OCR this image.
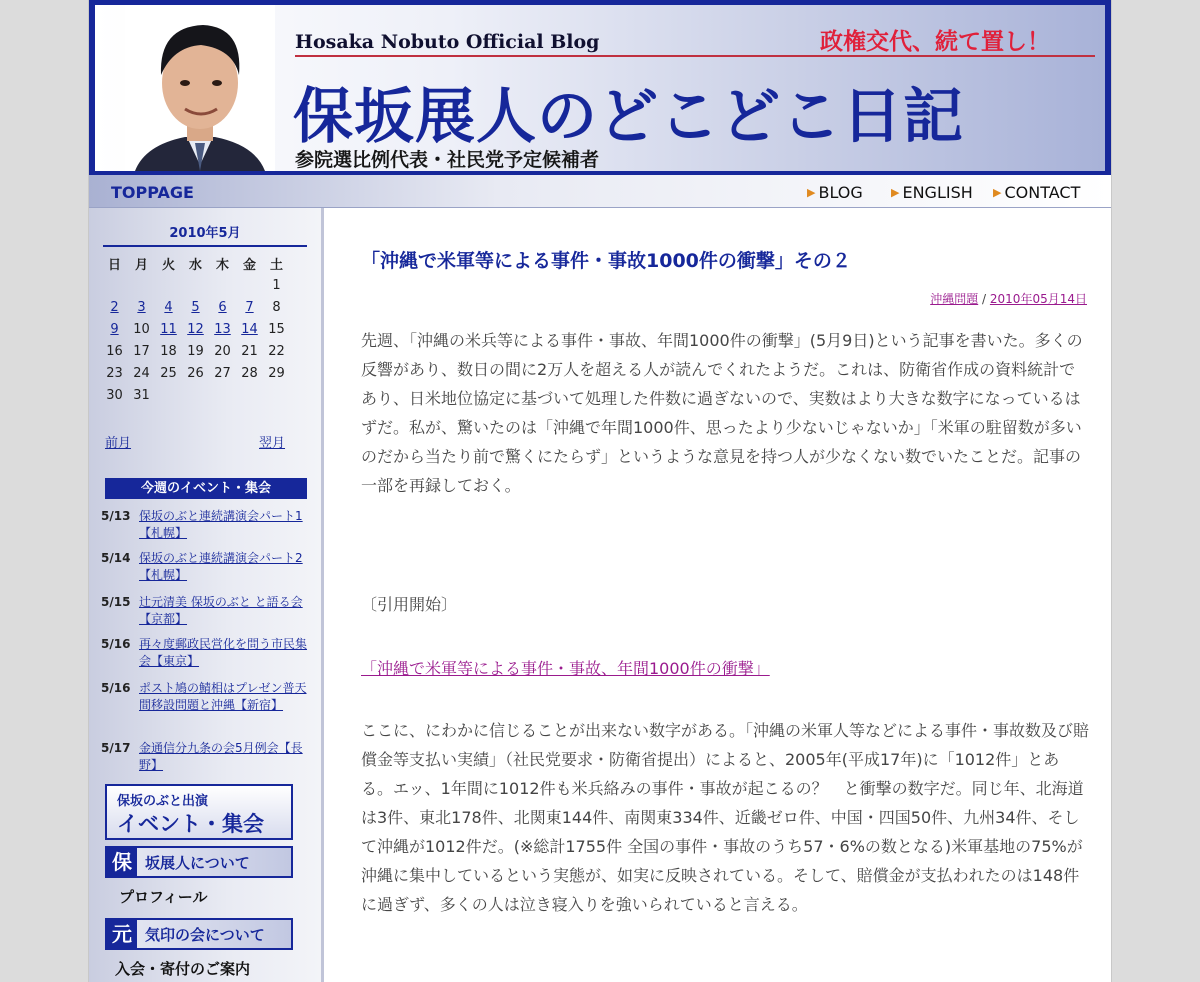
Hosaka Nobuto Official Blog	政権交代、続て置し！
保坂展人のどこどこ日記
参院選比例代表・社民党予定候補者
TOPPAGE	▶ BLOG	▶ ENGLISH ▶ CONTACT
2010年5月
日	月	火	水	木	金	土
						1
2	3	4	5	6	7	8
9	10	11	12	13	14	15
16	17	18	19	20	21	22
23	24	25	26	27	28	29
30	31					
前月	翌月
今週のイベント・集会
5/13 保坂のぶと連続講演会パート1【札幌】
5/14 保坂のぶと連続講演会パート2【札幌】
5/15 辻元清美 保坂のぶと と語る会【京都】
5/16 再々度郵政民営化を問う市民集会【東京】
5/16 ポスト鳩の鯖相はプレゼン普天間移設問題と沖縄【新宿】
5/17 金通信分九条の会5月例会【長野】
保坂のぶと出演
イベント・集会
保 坂展人について
プロフィール
元 気印の会について
入会・寄付のご案内
「沖縄で米軍等による事件・事故1000件の衝撃」その２
沖縄問題 / 2010年05月14日
先週、「沖縄の米兵等による事件・事故、年間1000件の衝撃」(5月9日)という記事を書いた。多くの反響があり、数日の間に2万人を超える人が読んでくれたようだ。これは、防衛省作成の資料統計であり、日米地位協定に基づいて処理した件数に過ぎないので、実数はより大きな数字になっているはずだ。私が、驚いたのは「沖縄で年間1000件、思ったより少ないじゃないか」「米軍の駐留数が多いのだから当たり前で驚くにたらず」というような意見を持つ人が少なくない数でいたことだ。記事の一部を再録しておく。
〔引用開始〕
「沖縄で米軍等による事件・事故、年間1000件の衝撃」
ここに、にわかに信じることが出来ない数字がある。「沖縄の米軍人等などによる事件・事故数及び賠償金等支払い実績」（社民党要求・防衛省提出）によると、2005年(平成17年)に「1012件」とある。エッ、1年間に1012件も米兵絡みの事件・事故が起こるの？　と衝撃の数字だ。同じ年、北海道は3件、東北178件、北関東144件、南関東334件、近畿ゼロ件、中国・四国50件、九州34件、そして沖縄が1012件だ。(※総計1755件 全国の事件・事故のうち57・6%の数となる)米軍基地の75%が沖縄に集中しているという実態が、如実に反映されている。そして、賠償金が支払われたのは148件に過ぎず、多くの人は泣き寝入りを強いられていると言える。
